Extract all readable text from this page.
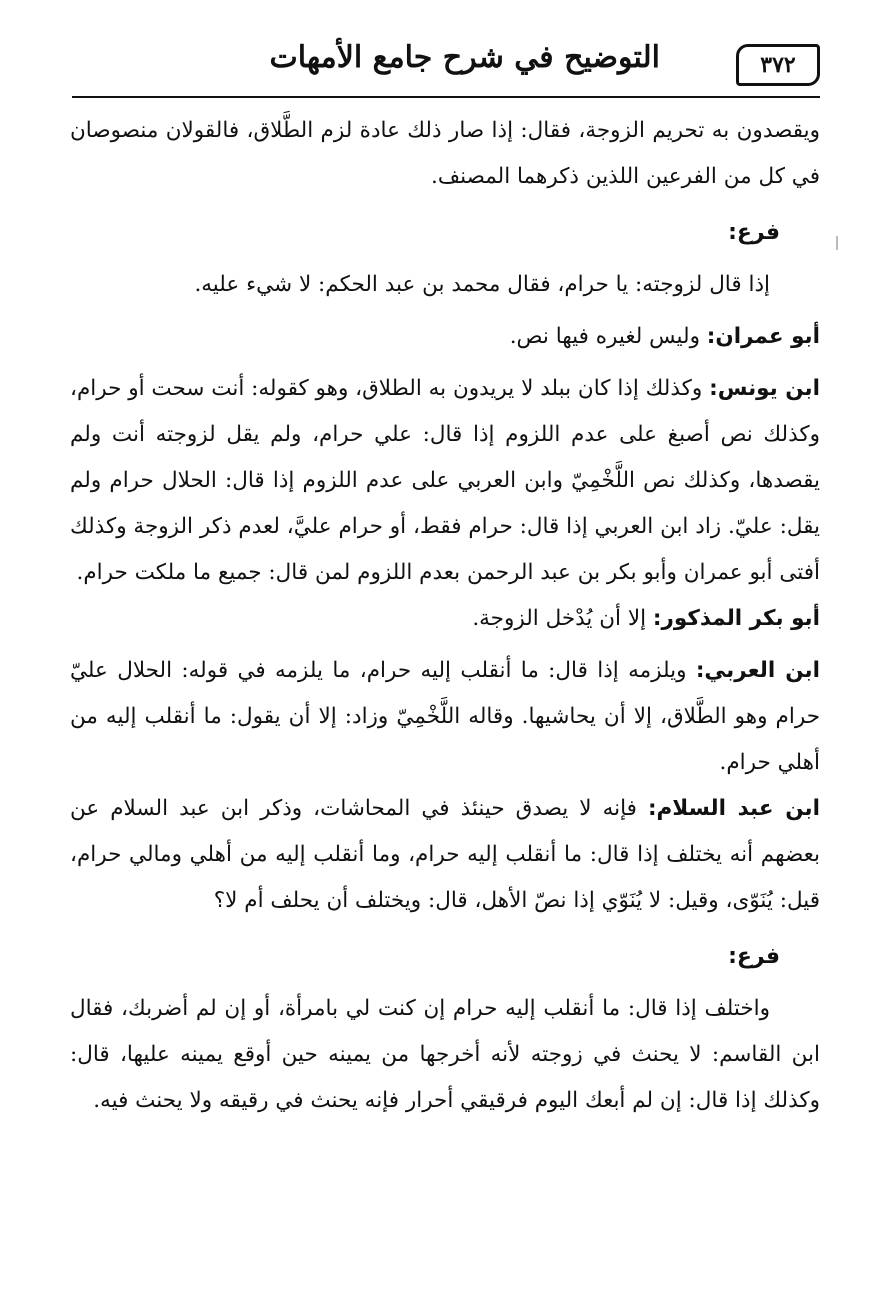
٣٧٢
التوضيح في شرح جامع الأمهات

ويقصدون به تحريم الزوجة، فقال: إذا صار ذلك عادة لزم الطَّلاق، فالقولان منصوصان في كل من الفرعين اللذين ذكرهما المصنف.

فرع:

إذا قال لزوجته: يا حرام، فقال محمد بن عبد الحكم: لا شيء عليه.

أبو عمران: وليس لغيره فيها نص.

ابن يونس: وكذلك إذا كان ببلد لا يريدون به الطلاق، وهو كقوله: أنت سحت أو حرام، وكذلك نص أصبغ على عدم اللزوم إذا قال: علي حرام، ولم يقل لزوجته أنت ولم يقصدها، وكذلك نص اللَّخْمِيّ وابن العربي على عدم اللزوم إذا قال: الحلال حرام ولم يقل: عليّ. زاد ابن العربي إذا قال: حرام فقط، أو حرام عليَّ، لعدم ذكر الزوجة وكذلك أفتى أبو عمران وأبو بكر بن عبد الرحمن بعدم اللزوم لمن قال: جميع ما ملكت حرام.

أبو بكر المذكور: إلا أن يُدْخل الزوجة.

ابن العربي: ويلزمه إذا قال: ما أنقلب إليه حرام، ما يلزمه في قوله: الحلال عليّ حرام وهو الطَّلاق، إلا أن يحاشيها. وقاله اللَّخْمِيّ وزاد: إلا أن يقول: ما أنقلب إليه من أهلي حرام.

ابن عبد السلام: فإنه لا يصدق حينئذ في المحاشات، وذكر ابن عبد السلام عن بعضهم أنه يختلف إذا قال: ما أنقلب إليه حرام، وما أنقلب إليه من أهلي ومالي حرام، قيل: يُنَوّى، وقيل: لا يُنَوّي إذا نصّ الأهل، قال: ويختلف أن يحلف أم لا؟

فرع:

واختلف إذا قال: ما أنقلب إليه حرام إن كنت لي بامرأة، أو إن لم أضربك، فقال ابن القاسم: لا يحنث في زوجته لأنه أخرجها من يمينه حين أوقع يمينه عليها، قال: وكذلك إذا قال: إن لم أبعك اليوم فرقيقي أحرار فإنه يحنث في رقيقه ولا يحنث فيه.
